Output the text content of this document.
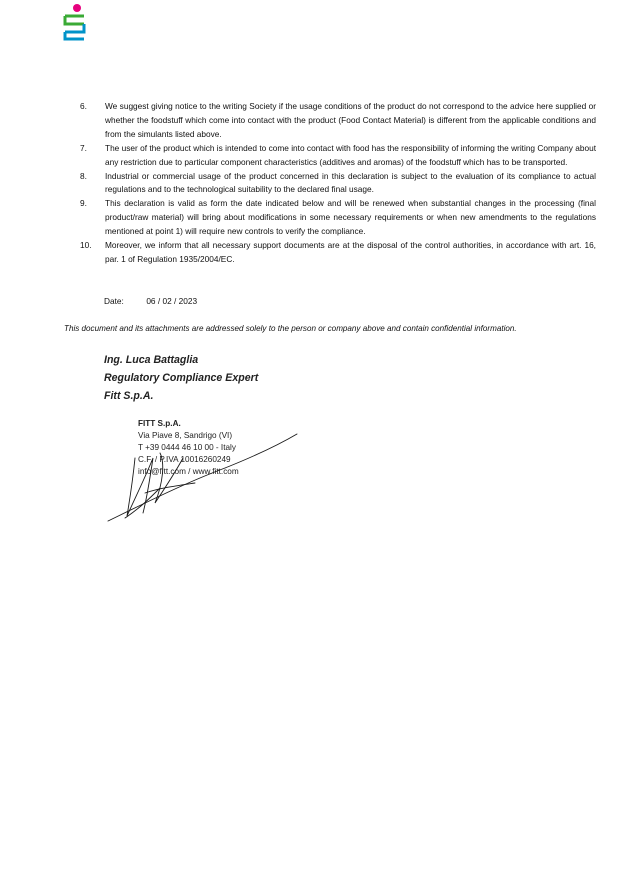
6.	We suggest giving notice to the writing Society if the usage conditions of the product do not correspond to the advice here supplied or whether the foodstuff which come into contact with the product (Food Contact Material) is different from the applicable conditions and from the simulants listed above.
7.	The user of the product which is intended to come into contact with food has the responsibility of informing the writing Company about any restriction due to particular component characteristics (additives and aromas) of the foodstuff which has to be transported.
8.	Industrial or commercial usage of the product concerned in this declaration is subject to the evaluation of its compliance to actual regulations and to the technological suitability to the declared final usage.
9.	This declaration is valid as form the date indicated below and will be renewed when substantial changes in the processing (final product/raw material) will bring about modifications in some necessary requirements or when new amendments to the regulations mentioned at point 1) will require new controls to verify the compliance.
10.	Moreover, we inform that all necessary support documents are at the disposal of the control authorities, in accordance with art. 16, par. 1 of Regulation 1935/2004/EC.
Date:	06 / 02 / 2023
This document and its attachments are addressed solely to the person or company above and contain confidential information.
Ing. Luca Battaglia
Regulatory Compliance Expert
Fitt S.p.A.
FITT S.p.A.
Via Piave 8, Sandrigo (VI)
T +39 0444 46 10 00 - Italy
C.F. / P.IVA 10016260249
info@fitt.com / www.fitt.com
